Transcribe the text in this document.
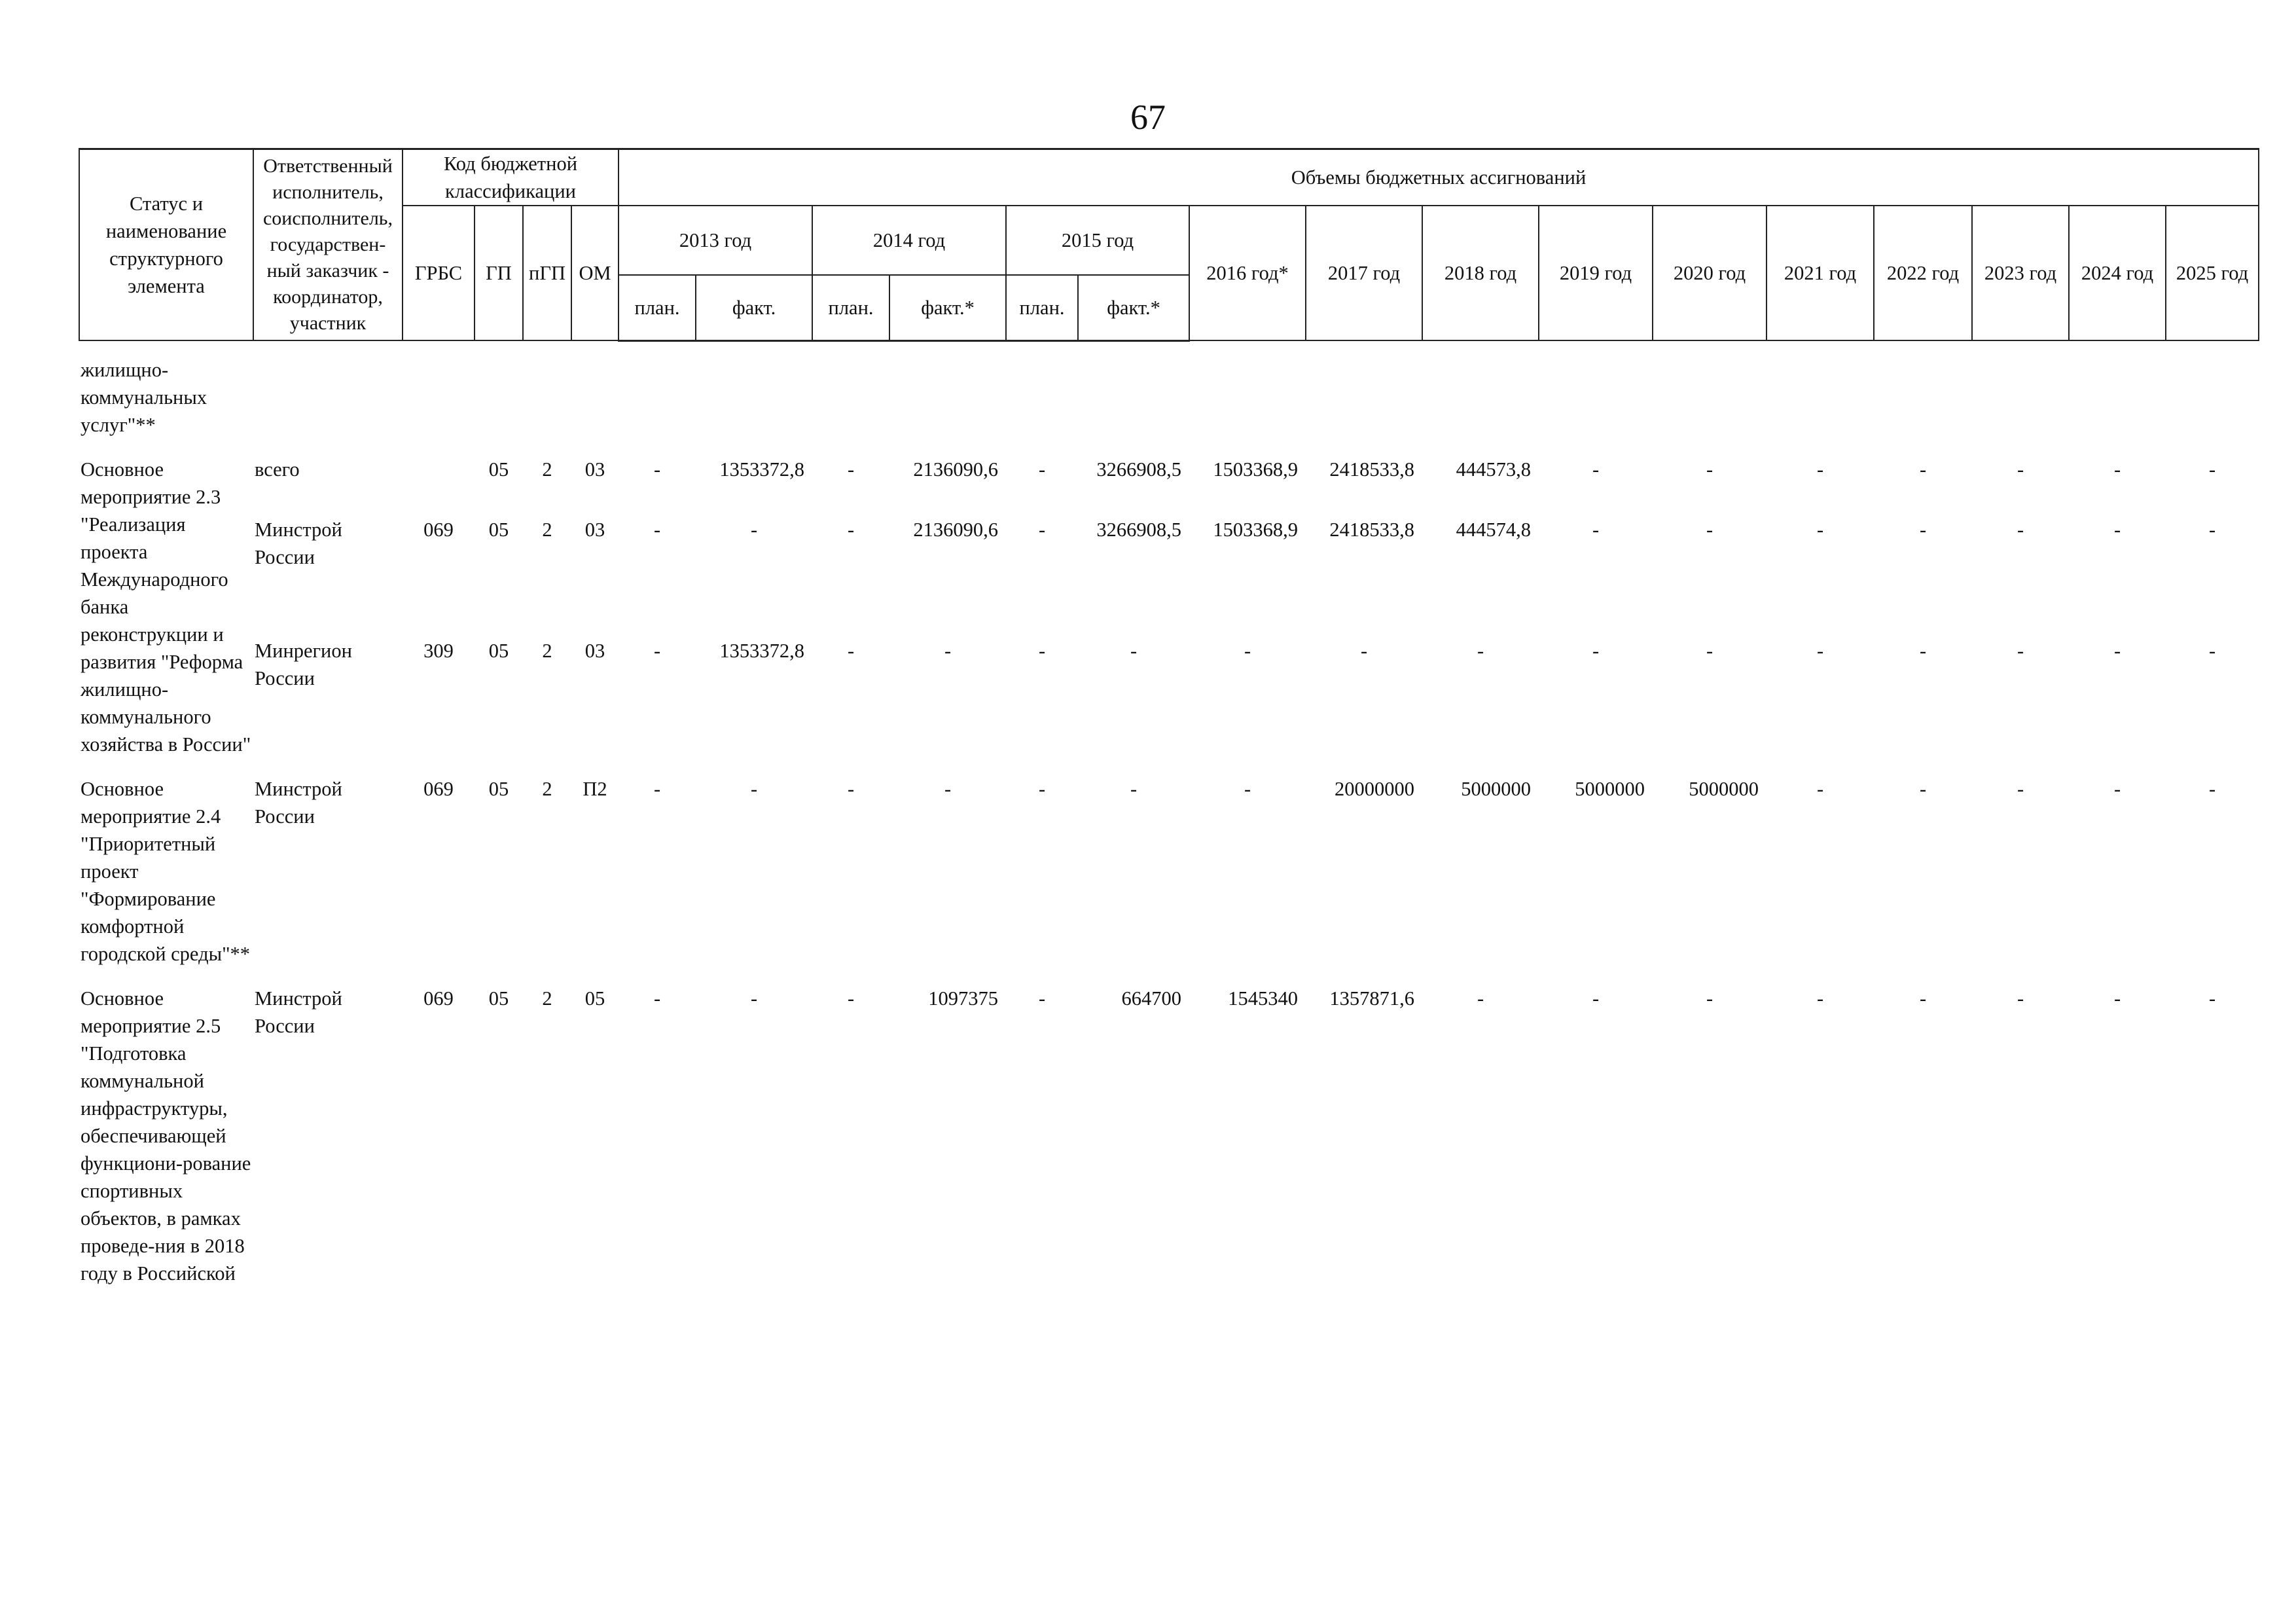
67
Статус и наименование структурного элемента	Ответственный исполнитель, соисполнитель, государствен-ный заказчик - координатор, участник	Код бюджетной классификации				Объемы бюджетных ассигнований															
		ГРБС	ГП	пГП	ОМ	2013 год		2014 год		2015 год		2016 год*	2017 год	2018 год	2019 год	2020 год	2021 год	2022 год	2023 год	2024 год	2025 год
						план.	факт.	план.	факт.*	план.	факт.*										

жилищно-коммунальных услуг"**																					

Основное мероприятие 2.3 "Реализация проекта Международного банка реконструкции и развития "Реформа жилищно-коммунального хозяйства в России"	всего		05	2	03	-	1353372,8	-	2136090,6	-	3266908,5	1503368,9	2418533,8	444573,8	-	-	-	-	-	-	-
	Минстрой России	069	05	2	03	-	-	-	2136090,6	-	3266908,5	1503368,9	2418533,8	444574,8	-	-	-	-	-	-	-
	Минрегион России	309	05	2	03	-	1353372,8	-	-	-	-	-	-	-	-	-	-	-	-	-	-

Основное мероприятие 2.4 "Приоритетный проект "Формирование комфортной городской среды"**	Минстрой России	069	05	2	П2	-	-	-	-	-	-	-	20000000	5000000	5000000	5000000	-	-	-	-	-

Основное мероприятие 2.5 "Подготовка коммунальной инфраструктуры, обеспечивающей функциони-рование спортивных объектов, в рамках проведе-ния в 2018 году в Российской	Минстрой России	069	05	2	05	-	-	-	1097375	-	664700	1545340	1357871,6	-	-	-	-	-	-	-	-
